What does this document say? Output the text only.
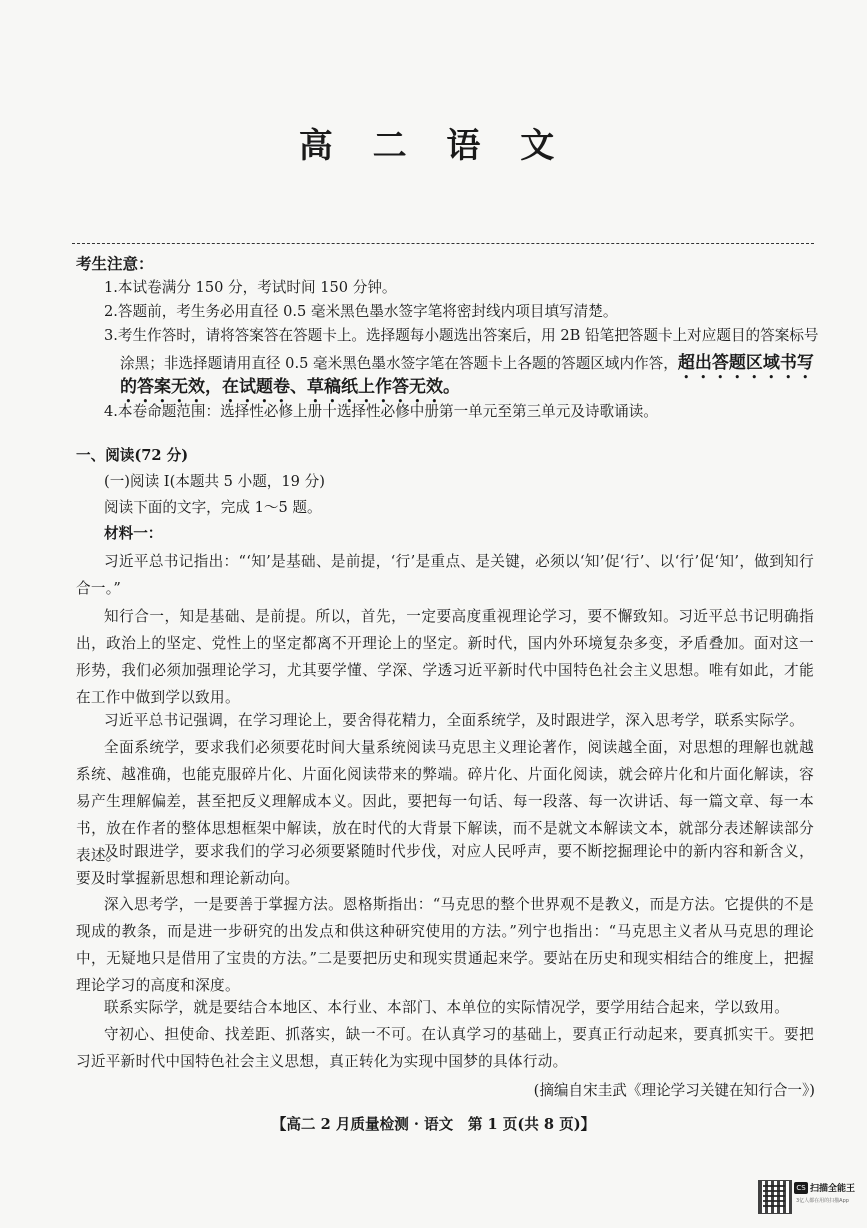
高 二 语 文
考生注意：
1.本试卷满分 150 分，考试时间 150 分钟。
2.答题前，考生务必用直径 0.5 毫米黑色墨水签字笔将密封线内项目填写清楚。
3.考生作答时，请将答案答在答题卡上。选择题每小题选出答案后，用 2B 铅笔把答题卡上对应题目的答案标号
涂黑；非选择题请用直径 0.5 毫米黑色墨水签字笔在答题卡上各题的答题区域内作答，超出答题区域书写
的答案无效，在试题卷、草稿纸上作答无效。
4.本卷命题范围：选择性必修上册十选择性必修中册第一单元至第三单元及诗歌诵读。
一、阅读(72 分)
(一)阅读 Ⅰ(本题共 5 小题，19 分)
阅读下面的文字，完成 1～5 题。
材料一：
习近平总书记指出：“‘知’是基础、是前提，‘行’是重点、是关键，必须以‘知’促‘行’、以‘行’促‘知’，做到知行合一。”
知行合一，知是基础、是前提。所以，首先，一定要高度重视理论学习，要不懈致知。习近平总书记明确指出，政治上的坚定、党性上的坚定都离不开理论上的坚定。新时代，国内外环境复杂多变，矛盾叠加。面对这一形势，我们必须加强理论学习，尤其要学懂、学深、学透习近平新时代中国特色社会主义思想。唯有如此，才能在工作中做到学以致用。
习近平总书记强调，在学习理论上，要舍得花精力，全面系统学，及时跟进学，深入思考学，联系实际学。
全面系统学，要求我们必须要花时间大量系统阅读马克思主义理论著作，阅读越全面，对思想的理解也就越系统、越准确，也能克服碎片化、片面化阅读带来的弊端。碎片化、片面化阅读，就会碎片化和片面化解读，容易产生理解偏差，甚至把反义理解成本义。因此，要把每一句话、每一段落、每一次讲话、每一篇文章、每一本书，放在作者的整体思想框架中解读，放在时代的大背景下解读，而不是就文本解读文本，就部分表述解读部分表述。
及时跟进学，要求我们的学习必须要紧随时代步伐，对应人民呼声，要不断挖掘理论中的新内容和新含义，要及时掌握新思想和理论新动向。
深入思考学，一是要善于掌握方法。恩格斯指出：“马克思的整个世界观不是教义，而是方法。它提供的不是现成的教条，而是进一步研究的出发点和供这种研究使用的方法。”列宁也指出：“马克思主义者从马克思的理论中，无疑地只是借用了宝贵的方法。”二是要把历史和现实贯通起来学。要站在历史和现实相结合的维度上，把握理论学习的高度和深度。
联系实际学，就是要结合本地区、本行业、本部门、本单位的实际情况学，要学用结合起来，学以致用。
守初心、担使命、找差距、抓落实，缺一不可。在认真学习的基础上，要真正行动起来，要真抓实干。要把习近平新时代中国特色社会主义思想，真正转化为实现中国梦的具体行动。
(摘编自宋圭武《理论学习关键在知行合一》)
【高二 2 月质量检测 · 语文　第 1 页(共 8 页)】
CS 扫描全能王
3亿人都在用的扫描App
